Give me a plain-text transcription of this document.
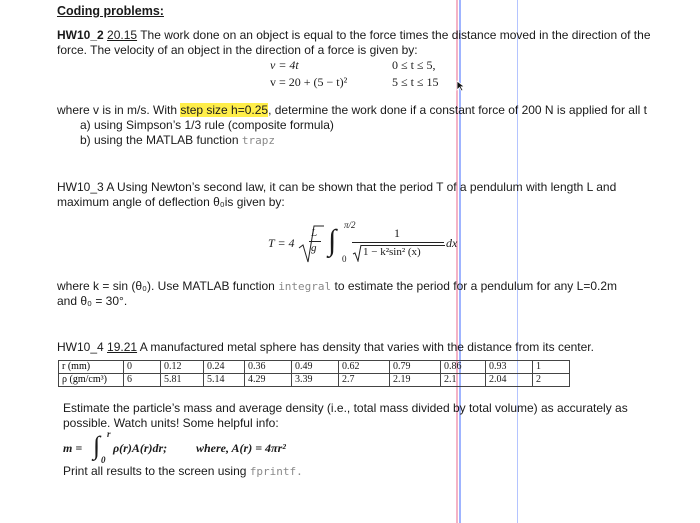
Coding problems:
HW10_2 20.15 The work done on an object is equal to the force times the distance moved in the direction of the
force. The velocity of an object in the direction of a force is given by:
v = 4t	0 ≤ t ≤ 5,
v = 20 + (5 − t)²	5 ≤ t ≤ 15
where v is in m/s. With step size h=0.25, determine the work done if a constant force of 200 N is applied for all t
a) using Simpson’s 1/3 rule (composite formula)
b) using the MATLAB function trapz
HW10_3 A Using Newton’s second law, it can be shown that the period T of a pendulum with length L and
maximum angle of deflection θ₀is given by:
T = 4
L
g ∫ π/2
0
1
1 − k²sin² (x)
dx
where k = sin (θ₀). Use MATLAB function integral to estimate the period for a pendulum for any L=0.2m
and θ₀ = 30°.
HW10_4 19.21 A manufactured metal sphere has density that varies with the distance from its center.
r (mm)	0	0.12	0.24	0.36	0.49	0.62	0.79	0.86	0.93	1
ρ (gm/cm³)	6	5.81	5.14	4.29	3.39	2.7	2.19	2.1	2.04	2
Estimate the particle’s mass and average density (i.e., total mass divided by total volume) as accurately as
possible. Watch units! Some helpful info:
m = ∫ r
0
ρ(r)A(r)dr; where, A(r) = 4πr²
Print all results to the screen using fprintf.
